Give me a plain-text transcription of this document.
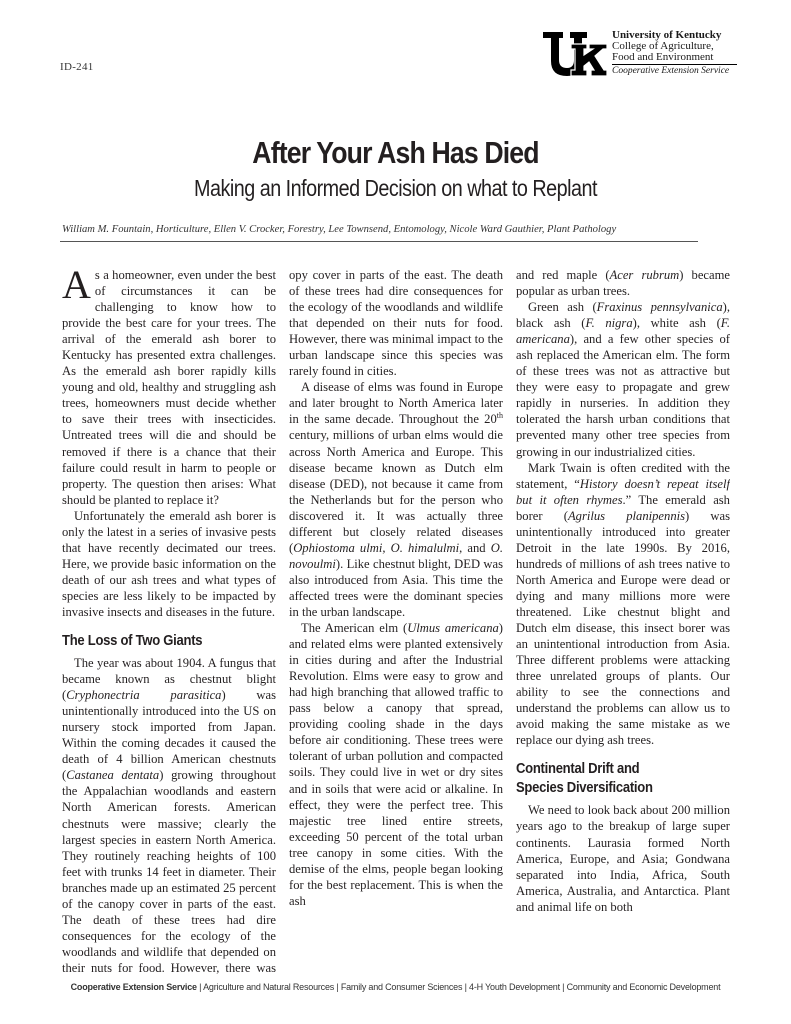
ID-241
University of Kentucky
College of Agriculture,
Food and Environment
Cooperative Extension Service
After Your Ash Has Died
Making an Informed Decision on what to Replant
William M. Fountain, Horticulture, Ellen V. Crocker, Forestry, Lee Townsend, Entomology, Nicole Ward Gauthier, Plant Pathology

As a homeowner, even under the best of circumstances it can be challenging to know how to provide the best care for your trees. The arrival of the emerald ash borer to Kentucky has presented extra challenges. As the emerald ash borer rapidly kills young and old, healthy and struggling ash trees, homeowners must decide whether to save their trees with insecticides. Untreated trees will die and should be removed if there is a chance that their failure could result in harm to people or property. The question then arises: What should be planted to replace it?

Unfortunately the emerald ash borer is only the latest in a series of invasive pests that have recently decimated our trees. Here, we provide basic information on the death of our ash trees and what types of species are less likely to be impacted by invasive insects and diseases in the future.

The Loss of Two Giants

The year was about 1904. A fungus that became known as chestnut blight (Cryphonectria parasitica) was unintentionally introduced into the US on nursery stock imported from Japan. Within the coming decades it caused the death of 4 billion American chestnuts (Castanea dentata) growing throughout the Appalachian woodlands and eastern North American forests. American chestnuts were massive; clearly the largest species in eastern North America. They routinely reaching heights of 100 feet with trunks 14 feet in diameter. Their branches made up an estimated 25 percent of the canopy cover in parts of the east. The death of these trees had dire consequences for the ecology of the woodlands and wildlife that depended on their nuts for food. However, there was

opy cover in parts of the east. The death of these trees had dire consequences for the ecology of the woodlands and wildlife that depended on their nuts for food. However, there was minimal impact to the urban landscape since this species was rarely found in cities.

A disease of elms was found in Europe and later brought to North America later in the same decade. Throughout the 20th century, millions of urban elms would die across North America and Europe. This disease became known as Dutch elm disease (DED), not because it came from the Netherlands but for the person who discovered it. It was actually three different but closely related diseases (Ophiostoma ulmi, O. himalulmi, and O. novoulmi). Like chestnut blight, DED was also introduced from Asia. This time the affected trees were the dominant species in the urban landscape.

The American elm (Ulmus americana) and related elms were planted extensively in cities during and after the Industrial Revolution. Elms were easy to grow and had high branching that allowed traffic to pass below a canopy that spread, providing cooling shade in the days before air conditioning. These trees were tolerant of urban pollution and compacted soils. They could live in wet or dry sites and in soils that were acid or alkaline. In effect, they were the perfect tree. This majestic tree lined entire streets, exceeding 50 percent of the total urban tree canopy in some cities. With the demise of the elms, people began looking for the best replacement. This is when the ash

and red maple (Acer rubrum) became popular as urban trees.

Green ash (Fraxinus pennsylvanica), black ash (F. nigra), white ash (F. americana), and a few other species of ash replaced the American elm. The form of these trees was not as attractive but they were easy to propagate and grew rapidly in nurseries. In addition they tolerated the harsh urban conditions that prevented many other tree species from growing in our industrialized cities.

Mark Twain is often credited with the statement, “History doesn’t repeat itself but it often rhymes.” The emerald ash borer (Agrilus planipennis) was unintentionally introduced into greater Detroit in the late 1990s. By 2016, hundreds of millions of ash trees native to North America and Europe were dead or dying and many millions more were threatened. Like chestnut blight and Dutch elm disease, this insect borer was an unintentional introduction from Asia. Three different problems were attacking three unrelated groups of plants. Our ability to see the connections and understand the problems can allow us to avoid making the same mistake as we replace our dying ash trees.

Continental Drift and
Species Diversification

We need to look back about 200 million years ago to the breakup of large super continents. Laurasia formed North America, Europe, and Asia; Gondwana separated into India, Africa, South America, Australia, and Antarctica. Plant and animal life on both

Cooperative Extension Service | Agriculture and Natural Resources | Family and Consumer Sciences | 4-H Youth Development | Community and Economic Development
